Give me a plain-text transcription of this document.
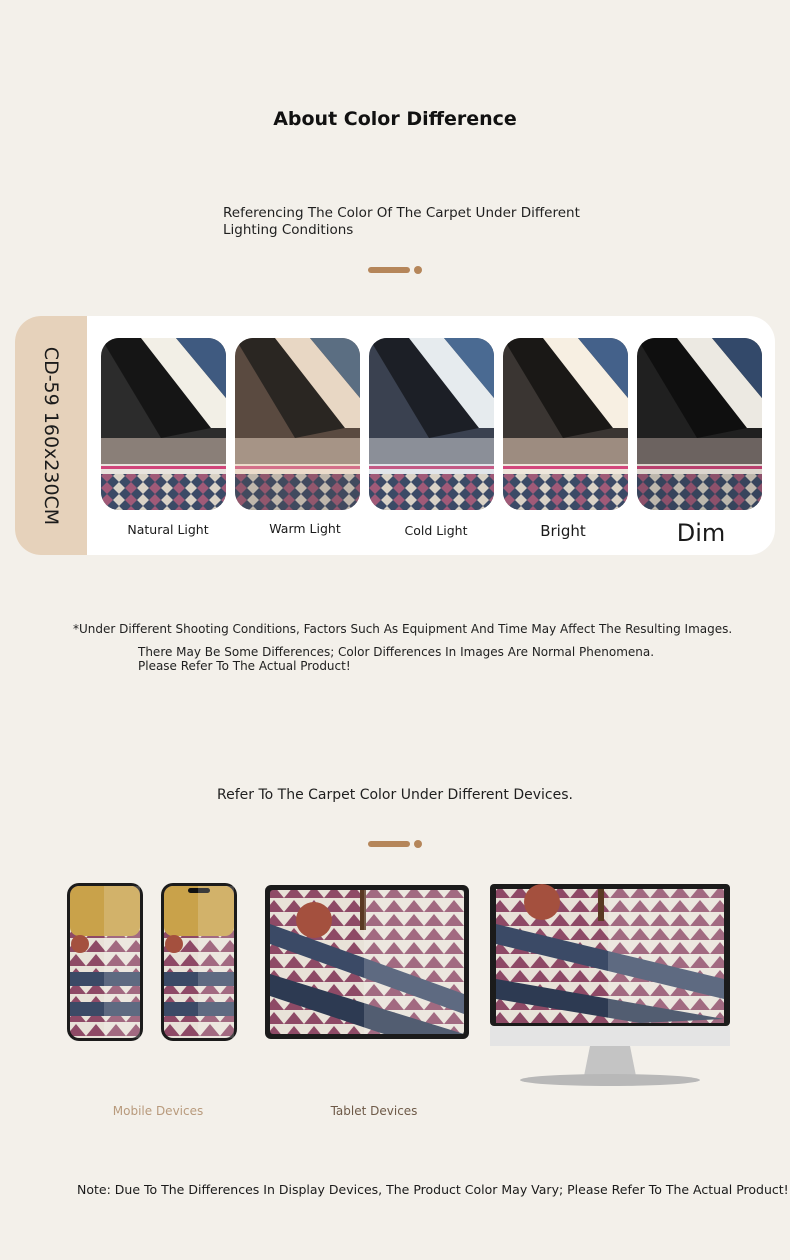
About Color Difference
Referencing The Color Of The Carpet Under Different Lighting Conditions
CD-59 160x230CM
Natural Light	Warm Light	Cold Light	Bright	Dim
*Under Different Shooting Conditions, Factors Such As Equipment And Time May Affect The Resulting Images.
There May Be Some Differences; Color Differences In Images Are Normal Phenomena. Please Refer To The Actual Product!
Refer To The Carpet Color Under Different Devices.
Mobile Devices	Tablet Devices
Note: Due To The Differences In Display Devices, The Product Color May Vary; Please Refer To The Actual Product!
